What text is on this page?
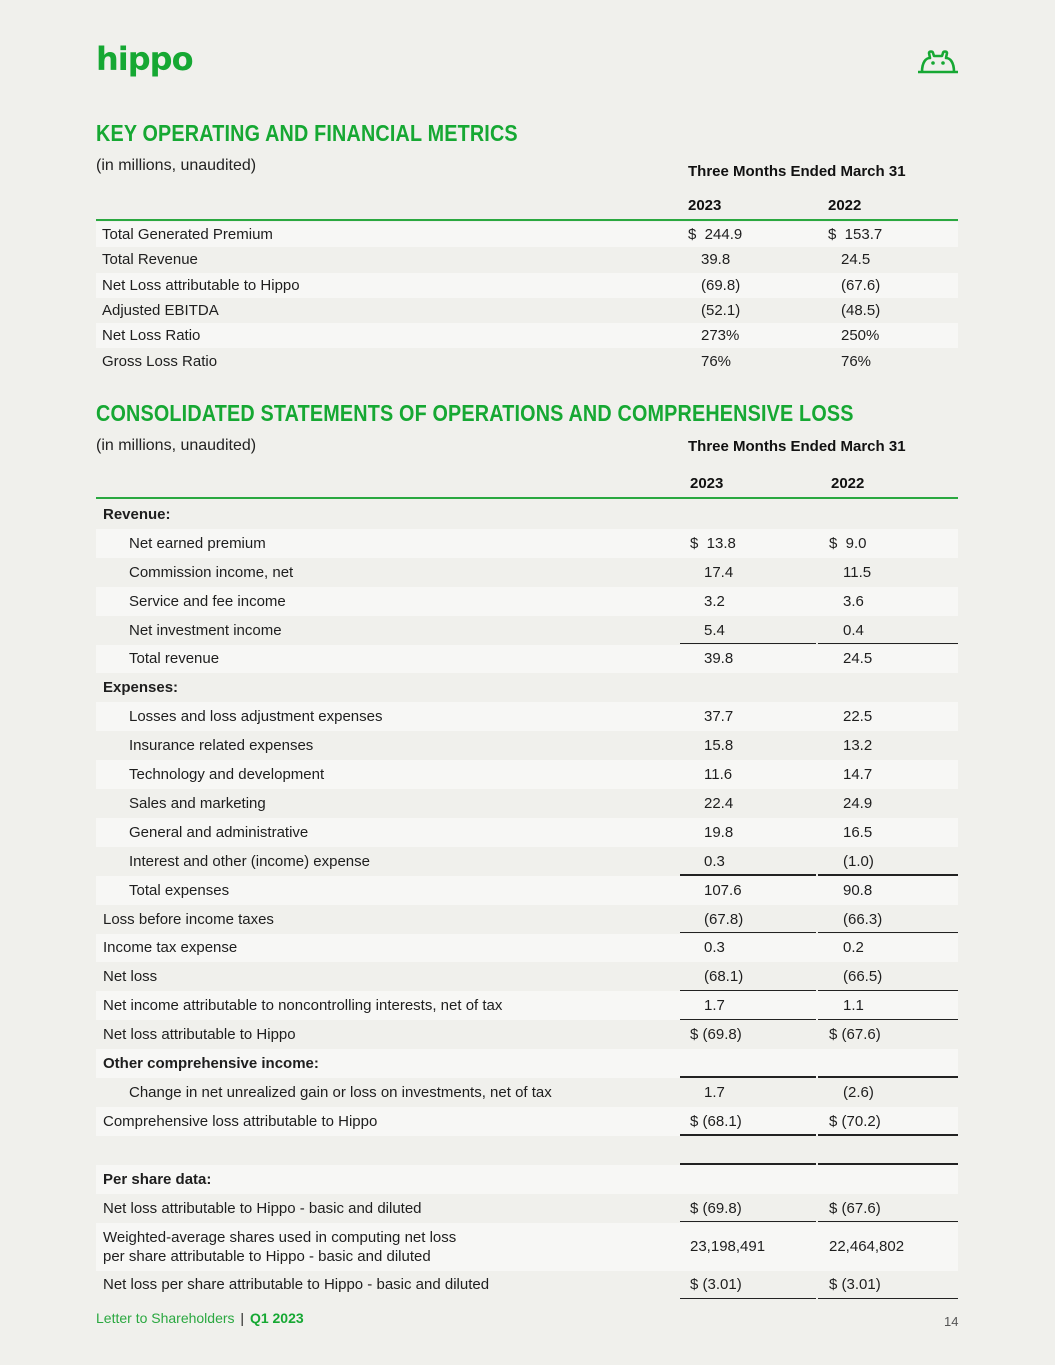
hippo
KEY OPERATING AND FINANCIAL METRICS
(in millions, unaudited)	Three Months Ended March 31
2023	2022
Total Generated Premium	$  244.9	$  153.7
Total Revenue	39.8	24.5
Net Loss attributable to Hippo	(69.8)	(67.6)
Adjusted EBITDA	(52.1)	(48.5)
Net Loss Ratio	273%	250%
Gross Loss Ratio	76%	76%
CONSOLIDATED STATEMENTS OF OPERATIONS AND COMPREHENSIVE LOSS
(in millions, unaudited)	Three Months Ended March 31
2023	2022
Revenue:
Net earned premium	$  13.8	$  9.0
Commission income, net	17.4	11.5
Service and fee income	3.2	3.6
Net investment income	5.4	0.4
Total revenue	39.8	24.5
Expenses:
Losses and loss adjustment expenses	37.7	22.5
Insurance related expenses	15.8	13.2
Technology and development	11.6	14.7
Sales and marketing	22.4	24.9
General and administrative	19.8	16.5
Interest and other (income) expense	0.3	(1.0)
Total expenses	107.6	90.8
Loss before income taxes	(67.8)	(66.3)
Income tax expense	0.3	0.2
Net loss	(68.1)	(66.5)
Net income attributable to noncontrolling interests, net of tax	1.7	1.1
Net loss attributable to Hippo	$ (69.8)	$ (67.6)
Other comprehensive income:
Change in net unrealized gain or loss on investments, net of tax	1.7	(2.6)
Comprehensive loss attributable to Hippo	$ (68.1)	$ (70.2)
Per share data:
Net loss attributable to Hippo - basic and diluted	$ (69.8)	$ (67.6)
Weighted-average shares used in computing net loss
per share attributable to Hippo - basic and diluted
23,198,491	22,464,802
Net loss per share attributable to Hippo - basic and diluted	$ (3.01)	$ (3.01)
Letter to Shareholders | Q1 2023	14
